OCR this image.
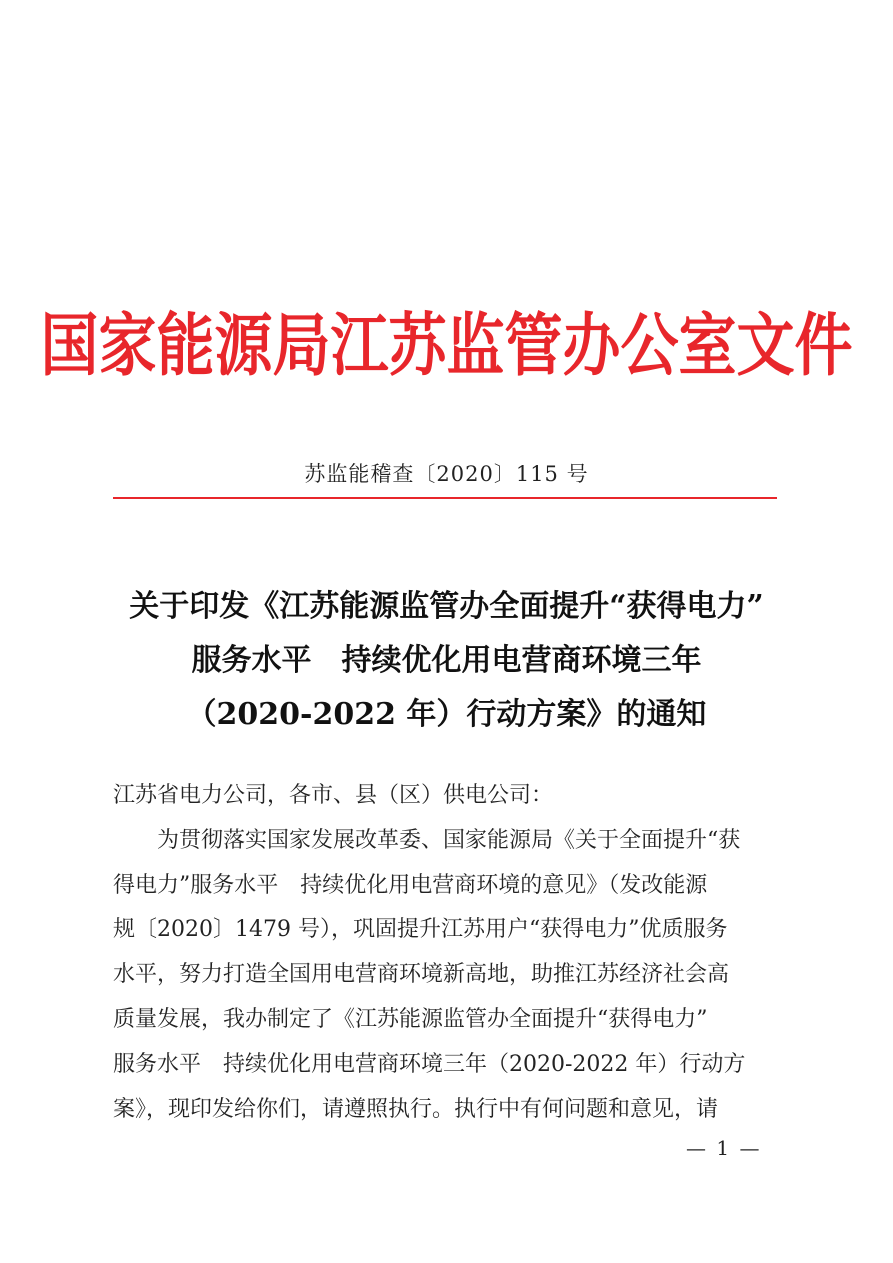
国家能源局江苏监管办公室文件
苏监能稽查〔2020〕115 号
关于印发《江苏能源监管办全面提升“获得电力”
服务水平　持续优化用电营商环境三年
（2020-2022 年）行动方案》的通知
江苏省电力公司，各市、县（区）供电公司：
为贯彻落实国家发展改革委、国家能源局《关于全面提升“获
得电力”服务水平　持续优化用电营商环境的意见》（发改能源
规〔2020〕1479 号），巩固提升江苏用户“获得电力”优质服务
水平，努力打造全国用电营商环境新高地，助推江苏经济社会高
质量发展，我办制定了《江苏能源监管办全面提升“获得电力”
服务水平　持续优化用电营商环境三年（2020-2022 年）行动方
案》，现印发给你们，请遵照执行。执行中有何问题和意见，请
— 1 —
